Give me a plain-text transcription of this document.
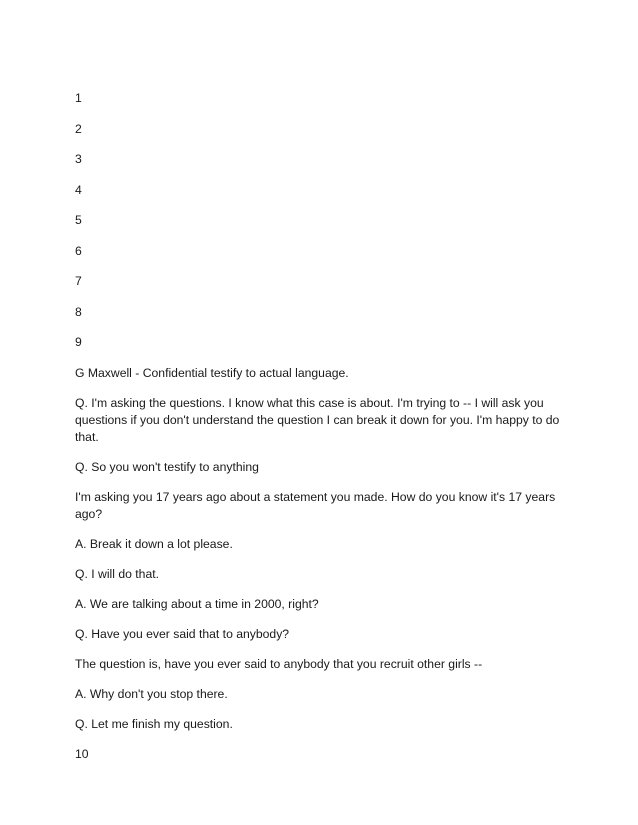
1
2
3
4
5
6
7
8
9

G Maxwell - Confidential testify to actual language.

Q. I'm asking the questions. I know what this case is about. I'm trying to -- I will ask you questions if you don't understand the question I can break it down for you. I'm happy to do that.

Q. So you won't testify to anything

I'm asking you 17 years ago about a statement you made. How do you know it's 17 years ago?

A. Break it down a lot please.

Q. I will do that.

A. We are talking about a time in 2000, right?

Q. Have you ever said that to anybody?

The question is, have you ever said to anybody that you recruit other girls --

A. Why don't you stop there.

Q. Let me finish my question.

10
